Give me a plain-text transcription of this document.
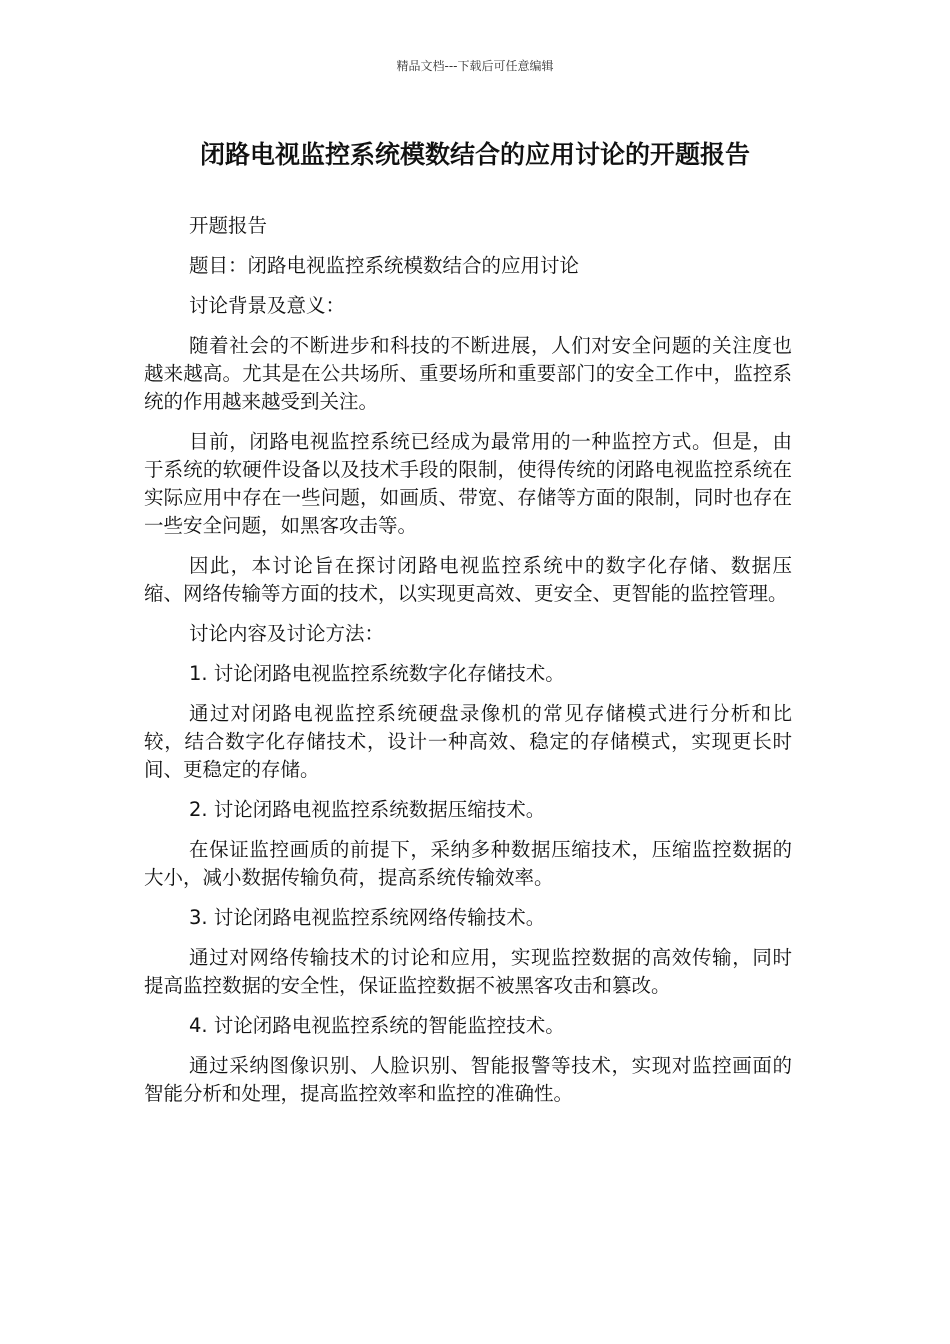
精品文档---下载后可任意编辑
闭路电视监控系统模数结合的应用讨论的开题报告

开题报告

题目：闭路电视监控系统模数结合的应用讨论

讨论背景及意义：

随着社会的不断进步和科技的不断进展，人们对安全问题的关注度也越来越高。尤其是在公共场所、重要场所和重要部门的安全工作中，监控系统的作用越来越受到关注。

目前，闭路电视监控系统已经成为最常用的一种监控方式。但是，由于系统的软硬件设备以及技术手段的限制，使得传统的闭路电视监控系统在实际应用中存在一些问题，如画质、带宽、存储等方面的限制，同时也存在一些安全问题，如黑客攻击等。

因此，本讨论旨在探讨闭路电视监控系统中的数字化存储、数据压缩、网络传输等方面的技术，以实现更高效、更安全、更智能的监控管理。

讨论内容及讨论方法：

1. 讨论闭路电视监控系统数字化存储技术。

通过对闭路电视监控系统硬盘录像机的常见存储模式进行分析和比较，结合数字化存储技术，设计一种高效、稳定的存储模式，实现更长时间、更稳定的存储。

2. 讨论闭路电视监控系统数据压缩技术。

在保证监控画质的前提下，采纳多种数据压缩技术，压缩监控数据的大小，减小数据传输负荷，提高系统传输效率。

3. 讨论闭路电视监控系统网络传输技术。

通过对网络传输技术的讨论和应用，实现监控数据的高效传输，同时提高监控数据的安全性，保证监控数据不被黑客攻击和篡改。

4. 讨论闭路电视监控系统的智能监控技术。

通过采纳图像识别、人脸识别、智能报警等技术，实现对监控画面的智能分析和处理，提高监控效率和监控的准确性。
